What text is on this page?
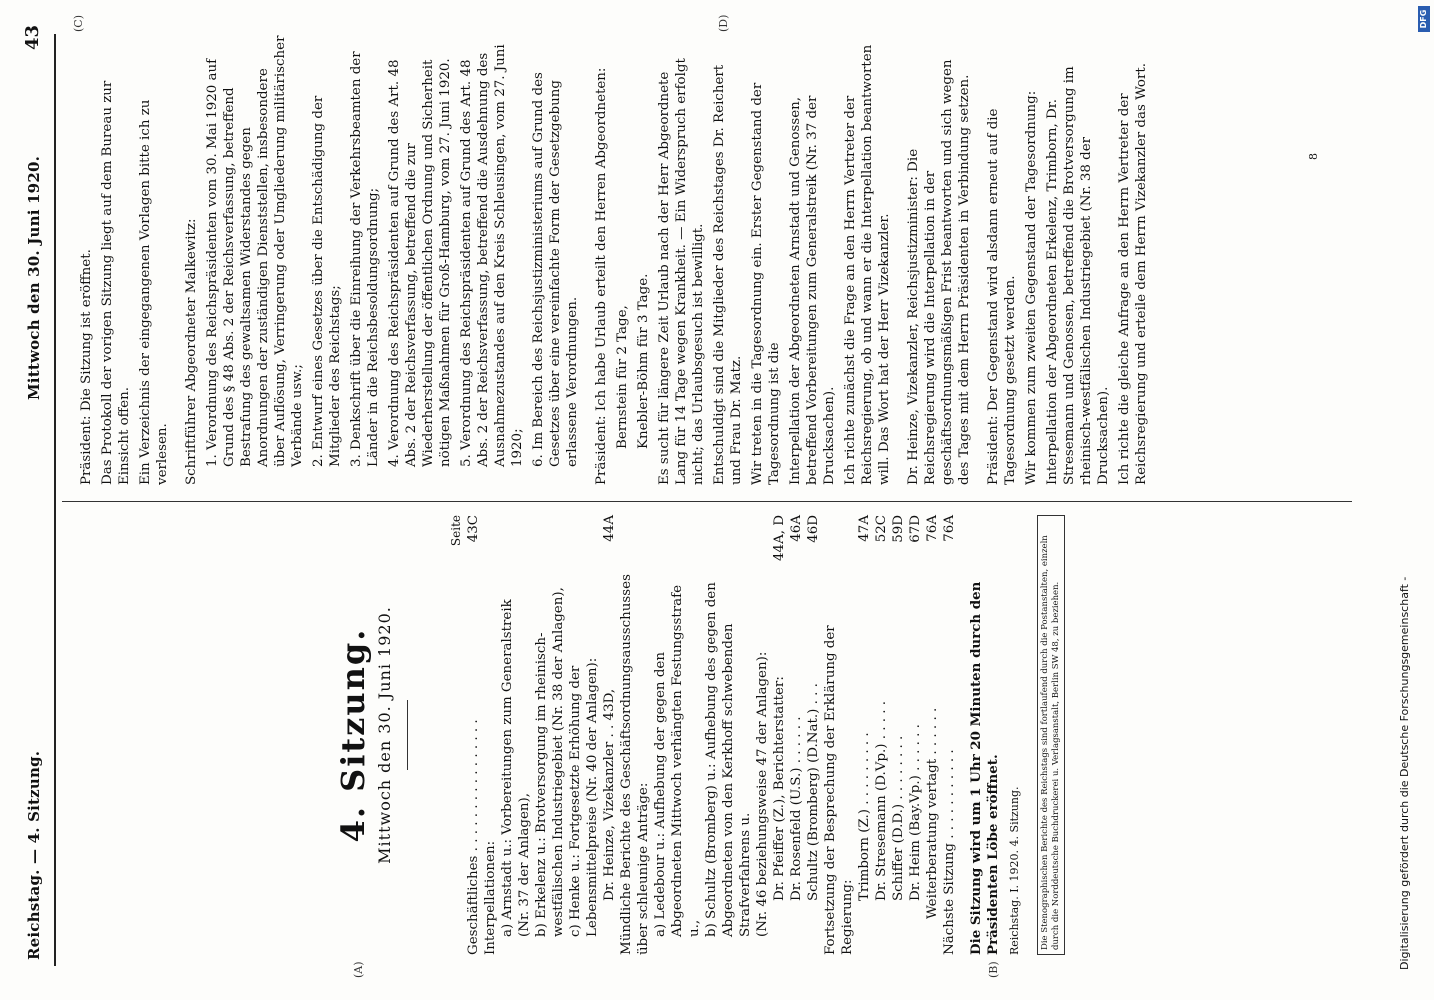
Reichstag. — 4. Sitzung.
Mittwoch den 30. Juni 1920.
43
(A)	(B)
(C)	(D)
4. Sitzung. Mittwoch den 30. Juni 1920.
Seite
Geschäftliches . . . . . . . . . . . . . . . .
43C
Interpellationen: a) Arnstadt u.: Vorbereitungen zum Generalstreik (Nr. 37 der Anlagen), b) Erkelenz u.: Brotversorgung im rheinisch-westfälischen Industriegebiet (Nr. 38 der Anlagen), c) Henke u.: Fortgesetzte Erhöhung der Lebensmittelpreise (Nr. 40 der Anlagen): Dr. Heinze, Vizekanzler . . 43D,
44A
Mündliche Berichte des Geschäftsordnungsausschusses über schleunige Anträge: a) Ledebour u.: Aufhebung der gegen den Abgeordneten Mittwoch verhängten Festungsstrafe u., b) Schultz (Bromberg) u.: Aufhebung des gegen den Abgeordneten von den Kerkhoff schwebenden Strafverfahrens u. (Nr. 46 beziehungsweise 47 der Anlagen): Dr. Pfeiffer (Z.), Berichterstatter:
44A, D
Dr. Rosenfeld (U.S.) . . . . . .
46A
Schultz (Bromberg) (D.Nat.) . . .
46D
Fortsetzung der Besprechung der Erklärung der Regierung:
Trimborn (Z.) . . . . . . . . .
47A
Dr. Stresemann (D.Vp.) . . . . .
52C
Schiffer (D.D.) . . . . . . . .
59D
Dr. Heim (Bay.Vp.) . . . . . .
67D
Weiterberatung vertagt . . . . . .
76A
Nächste Sitzung . . . . . . . . . . .
76A

Die Sitzung wird um 1 Uhr 20 Minuten durch den Präsidenten Löbe eröffnet. Reichstag. I. 1920. 4. Sitzung.	Die Stenographischen Berichte des Reichstags sind fortlaufend durch die Postanstalten, einzeln durch die Norddeutsche Buchdruckerei u. Verlagsanstalt, Berlin SW 48, zu beziehen.

Präsident: Die Sitzung ist eröffnet. Das Protokoll der vorigen Sitzung liegt auf dem Bureau zur Einsicht offen. Ein Verzeichnis der eingegangenen Vorlagen bitte ich zu verlesen. Schriftführer Abgeordneter Malkewitz: 1. Verordnung des Reichspräsidenten vom 30. Mai 1920 auf Grund des § 48 Abs. 2 der Reichsverfassung, betreffend Bestrafung des gewaltsamen Widerstandes gegen Anordnungen der zuständigen Dienststellen, insbesondere über Auflösung, Verringerung oder Umgliederung militärischer Verbände usw.; 2. Entwurf eines Gesetzes über die Entschädigung der Mitglieder des Reichstags; 3. Denkschrift über die Einreihung der Verkehrsbeamten der Länder in die Reichsbesoldungsordnung; 4. Verordnung des Reichspräsidenten auf Grund des Art. 48 Abs. 2 der Reichsverfassung, betreffend die zur Wiederherstellung der öffentlichen Ordnung und Sicherheit nötigen Maßnahmen für Groß-Hamburg, vom 27. Juni 1920. 5. Verordnung des Reichspräsidenten auf Grund des Art. 48 Abs. 2 der Reichsverfassung, betreffend die Ausdehnung des Ausnahmezustandes auf den Kreis Schleusingen, vom 27. Juni 1920; 6. Im Bereich des Reichsjustizministeriums auf Grund des Gesetzes über eine vereinfachte Form der Gesetzgebung erlassene Verordnungen. Präsident: Ich habe Urlaub erteilt den Herren Abgeordneten: Bernstein für 2 Tage, Knebler-Böhm für 3 Tage. Es sucht für längere Zeit Urlaub nach der Herr Abgeordnete Lang für 14 Tage wegen Krankheit. — Ein Widerspruch erfolgt nicht; das Urlaubsgesuch ist bewilligt. Entschuldigt sind die Mitglieder des Reichstages Dr. Reichert und Frau Dr. Matz. Wir treten in die Tagesordnung ein. Erster Gegenstand der Tagesordnung ist die Interpellation der Abgeordneten Arnstadt und Genossen, betreffend Vorbereitungen zum Generalstreik (Nr. 37 der Drucksachen). Ich richte zunächst die Frage an den Herrn Vertreter der Reichsregierung, ob und wann er die Interpellation beantworten will. Das Wort hat der Herr Vizekanzler. Dr. Heinze, Vizekanzler, Reichsjustizminister: Die Reichsregierung wird die Interpellation in der geschäftsordnungsmäßigen Frist beantworten und sich wegen des Tages mit dem Herrn Präsidenten in Verbindung setzen. Präsident: Der Gegenstand wird alsdann erneut auf die Tagesordnung gesetzt werden. Wir kommen zum zweiten Gegenstand der Tagesordnung: Interpellation der Abgeordneten Erkelenz, Trimborn, Dr. Stresemann und Genossen, betreffend die Brotversorgung im rheinisch-westfälischen Industriegebiet (Nr. 38 der Drucksachen). Ich richte die gleiche Anfrage an den Herrn Vertreter der Reichsregierung und erteile dem Herrn Vizekanzler das Wort.	8
Digitalisierung gefördert durch die Deutsche Forschungsgemeinschaft -
DFG
